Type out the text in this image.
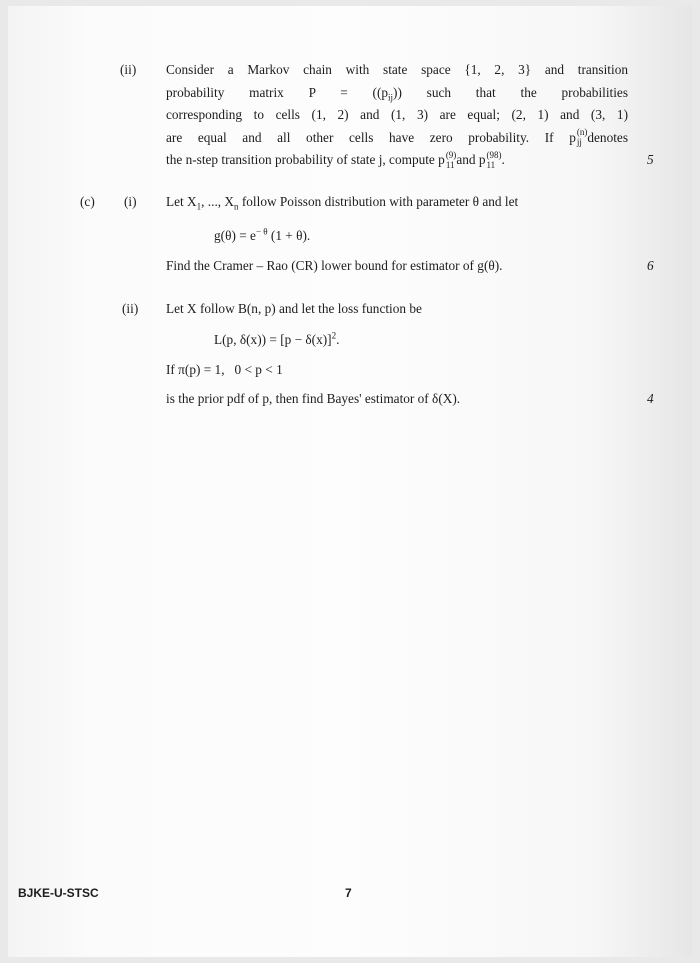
(ii) Consider a Markov chain with state space {1, 2, 3} and transition
probability matrix $P = ((p_{ij}))$ such that the probabilities
corresponding to cells (1, 2) and (1, 3) are equal; (2, 1) and (3, 1)
are equal and all other cells have zero probability. If p (n)
jj denotes
the n-step transition probability of state j, compute p (9)
11 and p (98)
11 .	5
(c) (i) Let $X_1$, ..., $X_n$ follow Poisson distribution with parameter θ and let
$g(\theta) = e^{- \theta}$ (1 + θ).
Find the Cramer – Rao (CR) lower bound for estimator of g(θ).	6
(ii) Let X follow B(n, p) and let the loss function be
L(p, $\delta(x)) = [p - \delta(x)]^2$.
If π(p) = 1,   0 < p < 1
is the prior pdf of p, then find Bayes' estimator of δ(X).	4
BJKE-U-STSC	7
